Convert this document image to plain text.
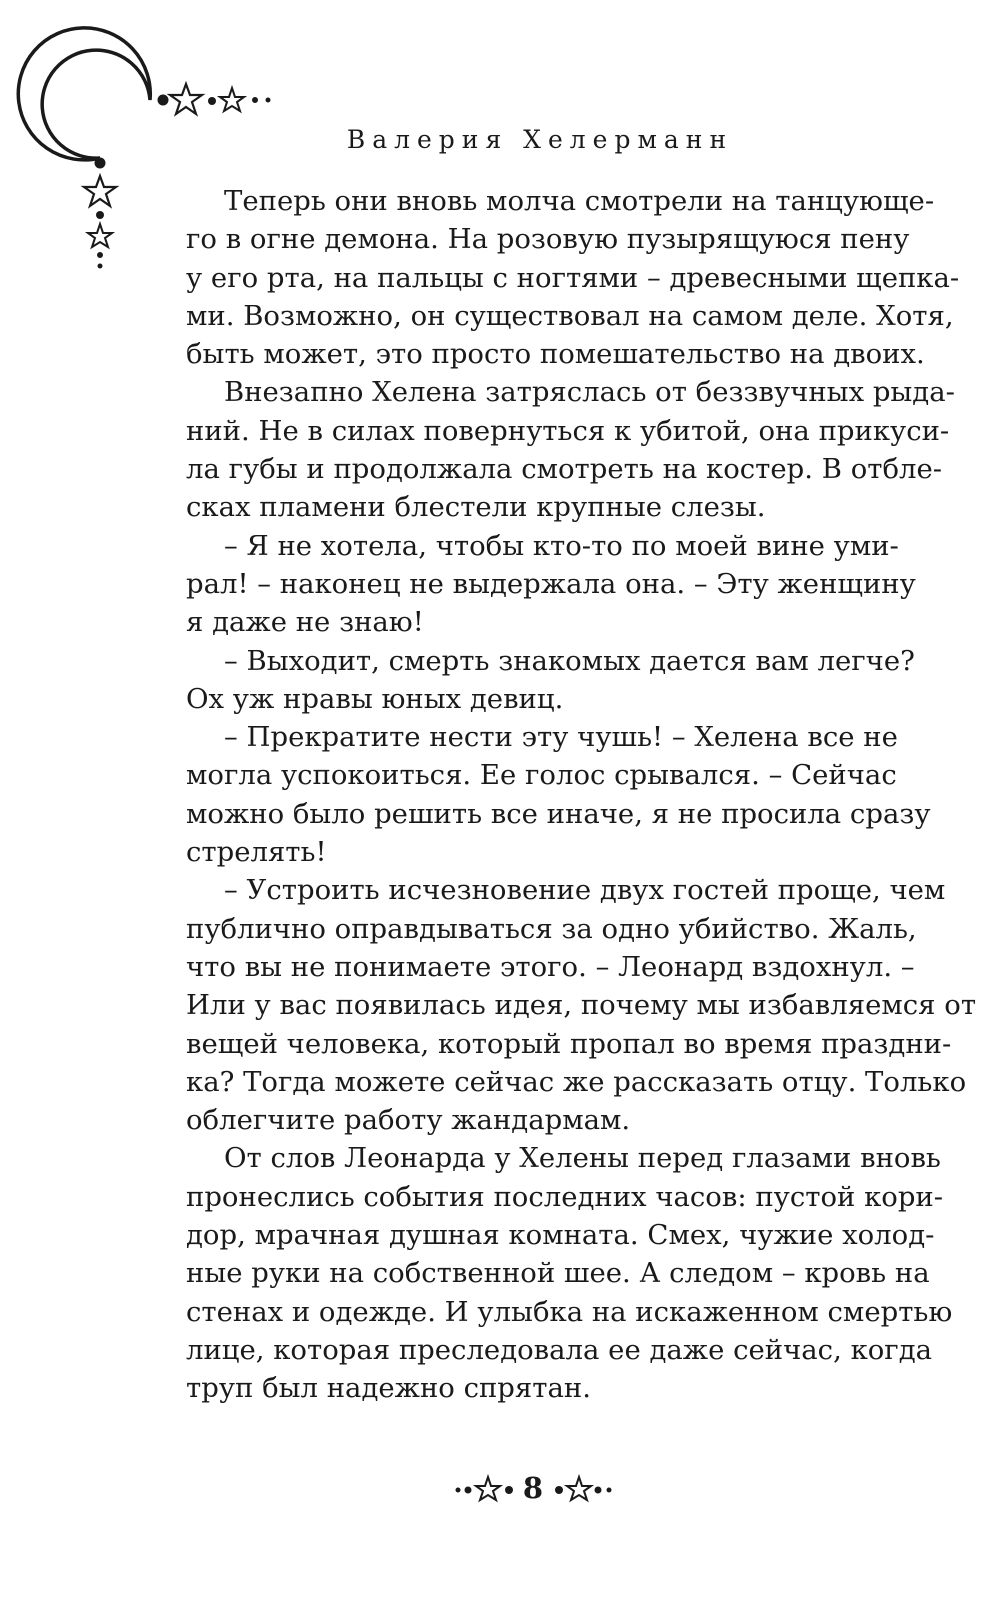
Валерия Хелерманн
Теперь они вновь молча смотрели на танцующе-
го в огне демона. На розовую пузырящуюся пену
у его рта, на пальцы с ногтями – древесными щепка-
ми. Возможно, он существовал на самом деле. Хотя,
быть может, это просто помешательство на двоих.
Внезапно Хелена затряслась от беззвучных рыда-
ний. Не в силах повернуться к убитой, она прикуси-
ла губы и продолжала смотреть на костер. В отбле-
сках пламени блестели крупные слезы.
– Я не хотела, чтобы кто-то по моей вине уми-
рал! – наконец не выдержала она. – Эту женщину
я даже не знаю!
– Выходит, смерть знакомых дается вам легче?
Ох уж нравы юных девиц.
– Прекратите нести эту чушь! – Хелена все не
могла успокоиться. Ее голос срывался. – Сейчас
можно было решить все иначе, я не просила сразу
стрелять!
– Устроить исчезновение двух гостей проще, чем
публично оправдываться за одно убийство. Жаль,
что вы не понимаете этого. – Леонард вздохнул. –
Или у вас появилась идея, почему мы избавляемся от
вещей человека, который пропал во время праздни-
ка? Тогда можете сейчас же рассказать отцу. Только
облегчите работу жандармам.
От слов Леонарда у Хелены перед глазами вновь
пронеслись события последних часов: пустой кори-
дор, мрачная душная комната. Смех, чужие холод-
ные руки на собственной шее. А следом – кровь на
стенах и одежде. И улыбка на искаженном смертью
лице, которая преследовала ее даже сейчас, когда
труп был надежно спрятан.
8
